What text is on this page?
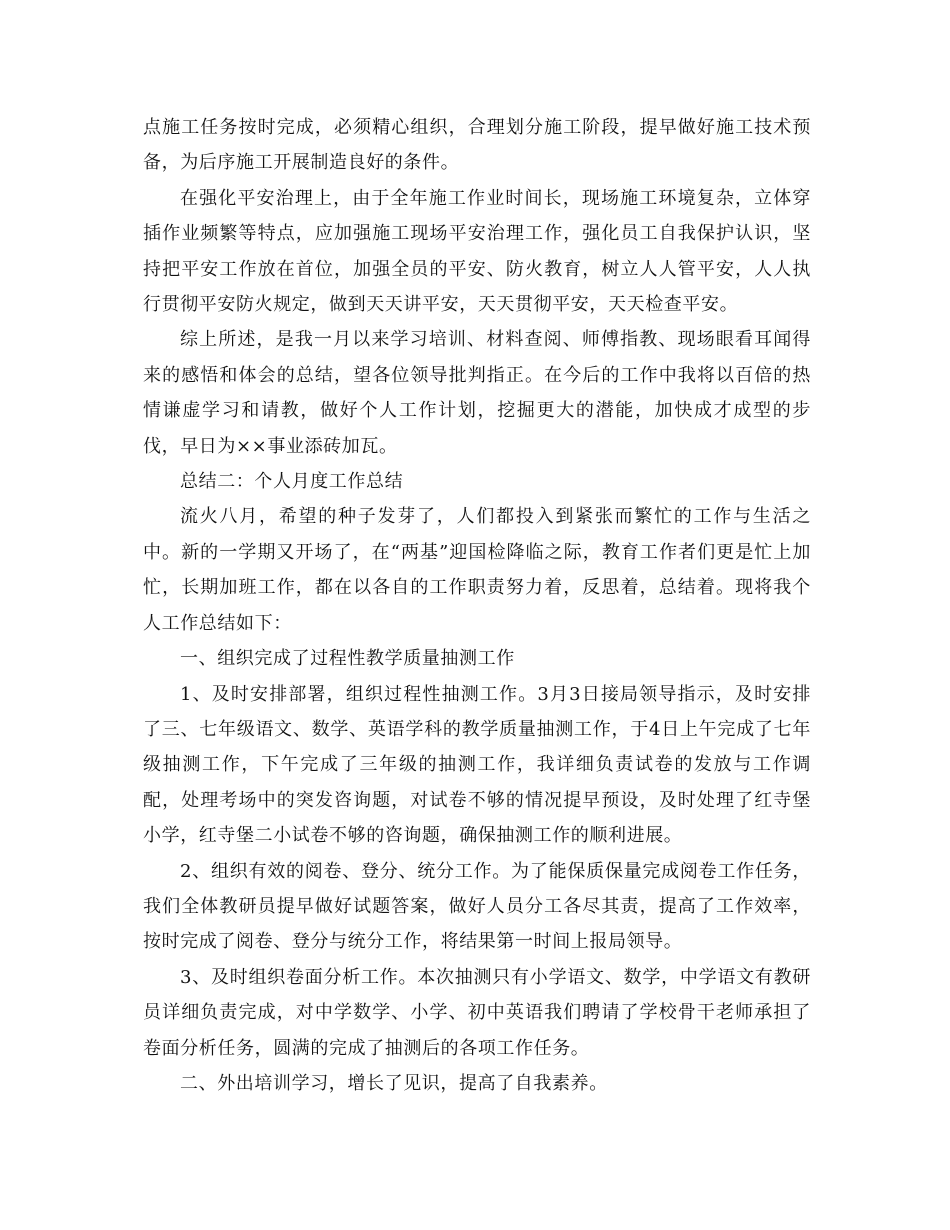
点施工任务按时完成，必须精心组织，合理划分施工阶段，提早做好施工技术预备，为后序施工开展制造良好的条件。

在强化平安治理上，由于全年施工作业时间长，现场施工环境复杂，立体穿插作业频繁等特点，应加强施工现场平安治理工作，强化员工自我保护认识，坚持把平安工作放在首位，加强全员的平安、防火教育，树立人人管平安，人人执行贯彻平安防火规定，做到天天讲平安，天天贯彻平安，天天检查平安。

综上所述，是我一月以来学习培训、材料查阅、师傅指教、现场眼看耳闻得来的感悟和体会的总结，望各位领导批判指正。在今后的工作中我将以百倍的热情谦虚学习和请教，做好个人工作计划，挖掘更大的潜能，加快成才成型的步伐，早日为××事业添砖加瓦。

总结二：个人月度工作总结

流火八月，希望的种子发芽了，人们都投入到紧张而繁忙的工作与生活之中。新的一学期又开场了，在“两基”迎国检降临之际，教育工作者们更是忙上加忙，长期加班工作，都在以各自的工作职责努力着，反思着，总结着。现将我个人工作总结如下：

一、组织完成了过程性教学质量抽测工作

1、及时安排部署，组织过程性抽测工作。3月3日接局领导指示，及时安排了三、七年级语文、数学、英语学科的教学质量抽测工作，于4日上午完成了七年级抽测工作，下午完成了三年级的抽测工作，我详细负责试卷的发放与工作调配，处理考场中的突发咨询题，对试卷不够的情况提早预设，及时处理了红寺堡小学，红寺堡二小试卷不够的咨询题，确保抽测工作的顺利进展。

2、组织有效的阅卷、登分、统分工作。为了能保质保量完成阅卷工作任务，我们全体教研员提早做好试题答案，做好人员分工各尽其责，提高了工作效率，按时完成了阅卷、登分与统分工作，将结果第一时间上报局领导。

3、及时组织卷面分析工作。本次抽测只有小学语文、数学，中学语文有教研员详细负责完成，对中学数学、小学、初中英语我们聘请了学校骨干老师承担了卷面分析任务，圆满的完成了抽测后的各项工作任务。

二、外出培训学习，增长了见识，提高了自我素养。
